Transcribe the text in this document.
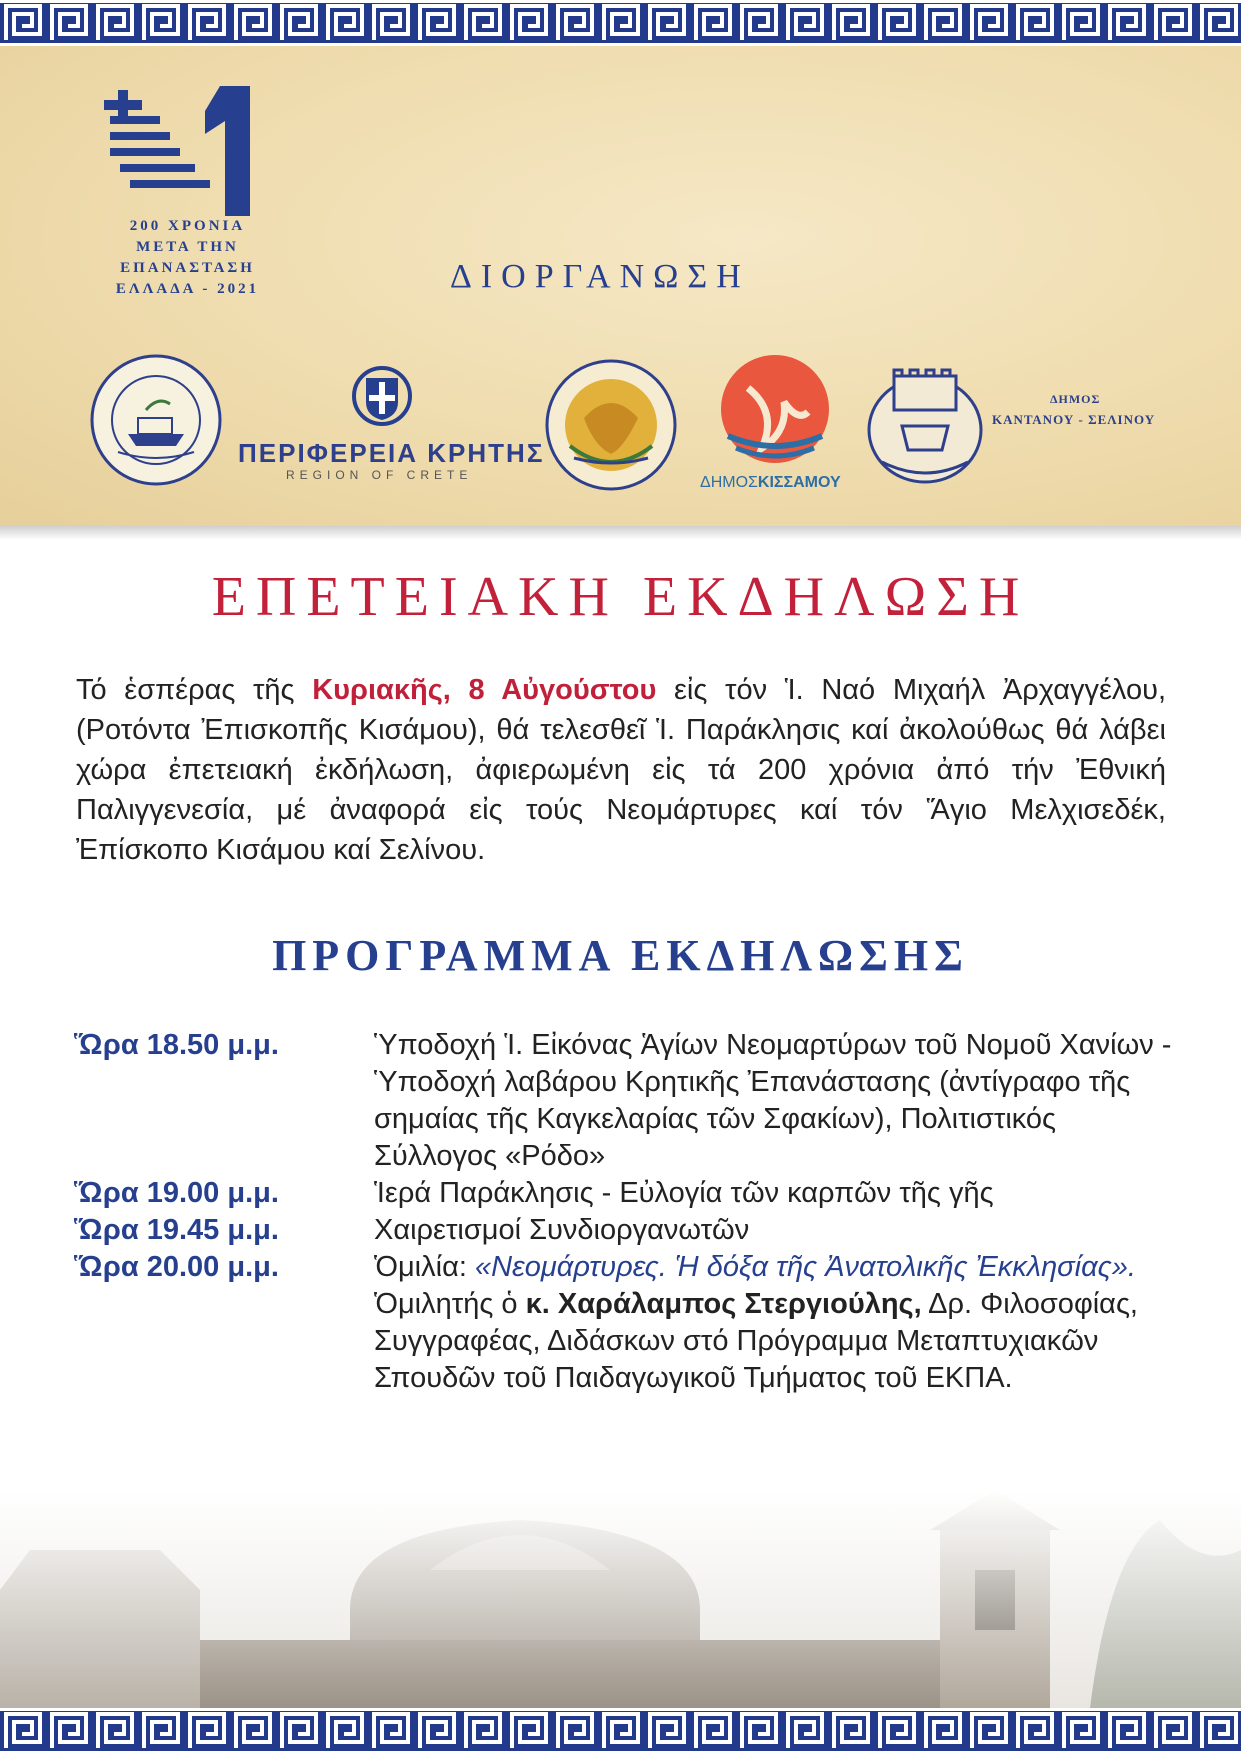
200 ΧΡΟΝΙΑ
ΜΕΤΑ ΤΗΝ
ΕΠΑΝΑΣΤΑΣΗ
ΕΛΛΑΔΑ - 2021	ΔΙΟΡΓΑΝΩΣΗ
ΠΕΡΙΦΕΡΕΙΑ ΚΡΗΤΗΣ
REGION OF CRETE	ΔΗΜΟΣΚΙΣΣΑΜΟΥ
ΔΗΜΟΣ
ΚΑΝΤΑΝΟΥ - ΣΕΛΙΝΟΥ
ΕΠΕΤΕΙΑΚΗ ΕΚΔΗΛΩΣΗ
Τό ἑσπέρας τῆς Κυριακῆς, 8 Αὐγούστου εἰς τόν Ἱ. Ναό Μιχαήλ Ἀρχαγγέλου, (Ροτόντα Ἐπισκοπῆς Κισάμου), θά τελεσθεῖ Ἱ. Παράκλησις καί ἀκολούθως θά λάβει χώρα ἐπετειακή ἐκδήλωση, ἀφιερωμένη εἰς τά 200 χρόνια ἀπό τήν Ἐθνική Παλιγγενεσία, μέ ἀναφορά εἰς τούς Νεομάρτυρες καί τόν Ἅγιο Μελχισεδέκ, Ἐπίσκοπο Κισάμου καί Σελίνου.
ΠΡΟΓΡΑΜΜΑ ΕΚΔΗΛΩΣΗΣ
Ὥρα 18.50 μ.μ.	Ὑποδοχή Ἱ. Εἰκόνας Ἁγίων Νεομαρτύρων τοῦ Νομοῦ Χανίων - Ὑποδοχή λαβάρου Κρητικῆς Ἐπανάστασης (ἀντίγραφο τῆς σημαίας τῆς Καγκελαρίας τῶν Σφακίων), Πολιτιστικός Σύλλογος «Ρόδο»
Ὥρα 19.00 μ.μ.	Ἱερά Παράκλησις - Εὐλογία τῶν καρπῶν τῆς γῆς
Ὥρα 19.45 μ.μ.	Χαιρετισμοί Συνδιοργανωτῶν
Ὥρα 20.00 μ.μ.	Ὁμιλία: «Νεομάρτυρες. Ἡ δόξα τῆς Ἀνατολικῆς Ἐκκλησίας». Ὁμιλητής ὁ κ. Χαράλαμπος Στεργιούλης, Δρ. Φιλοσοφίας, Συγγραφέας, Διδάσκων στό Πρόγραμμα Μεταπτυχιακῶν Σπουδῶν τοῦ Παιδαγωγικοῦ Τμήματος τοῦ ΕΚΠΑ.
